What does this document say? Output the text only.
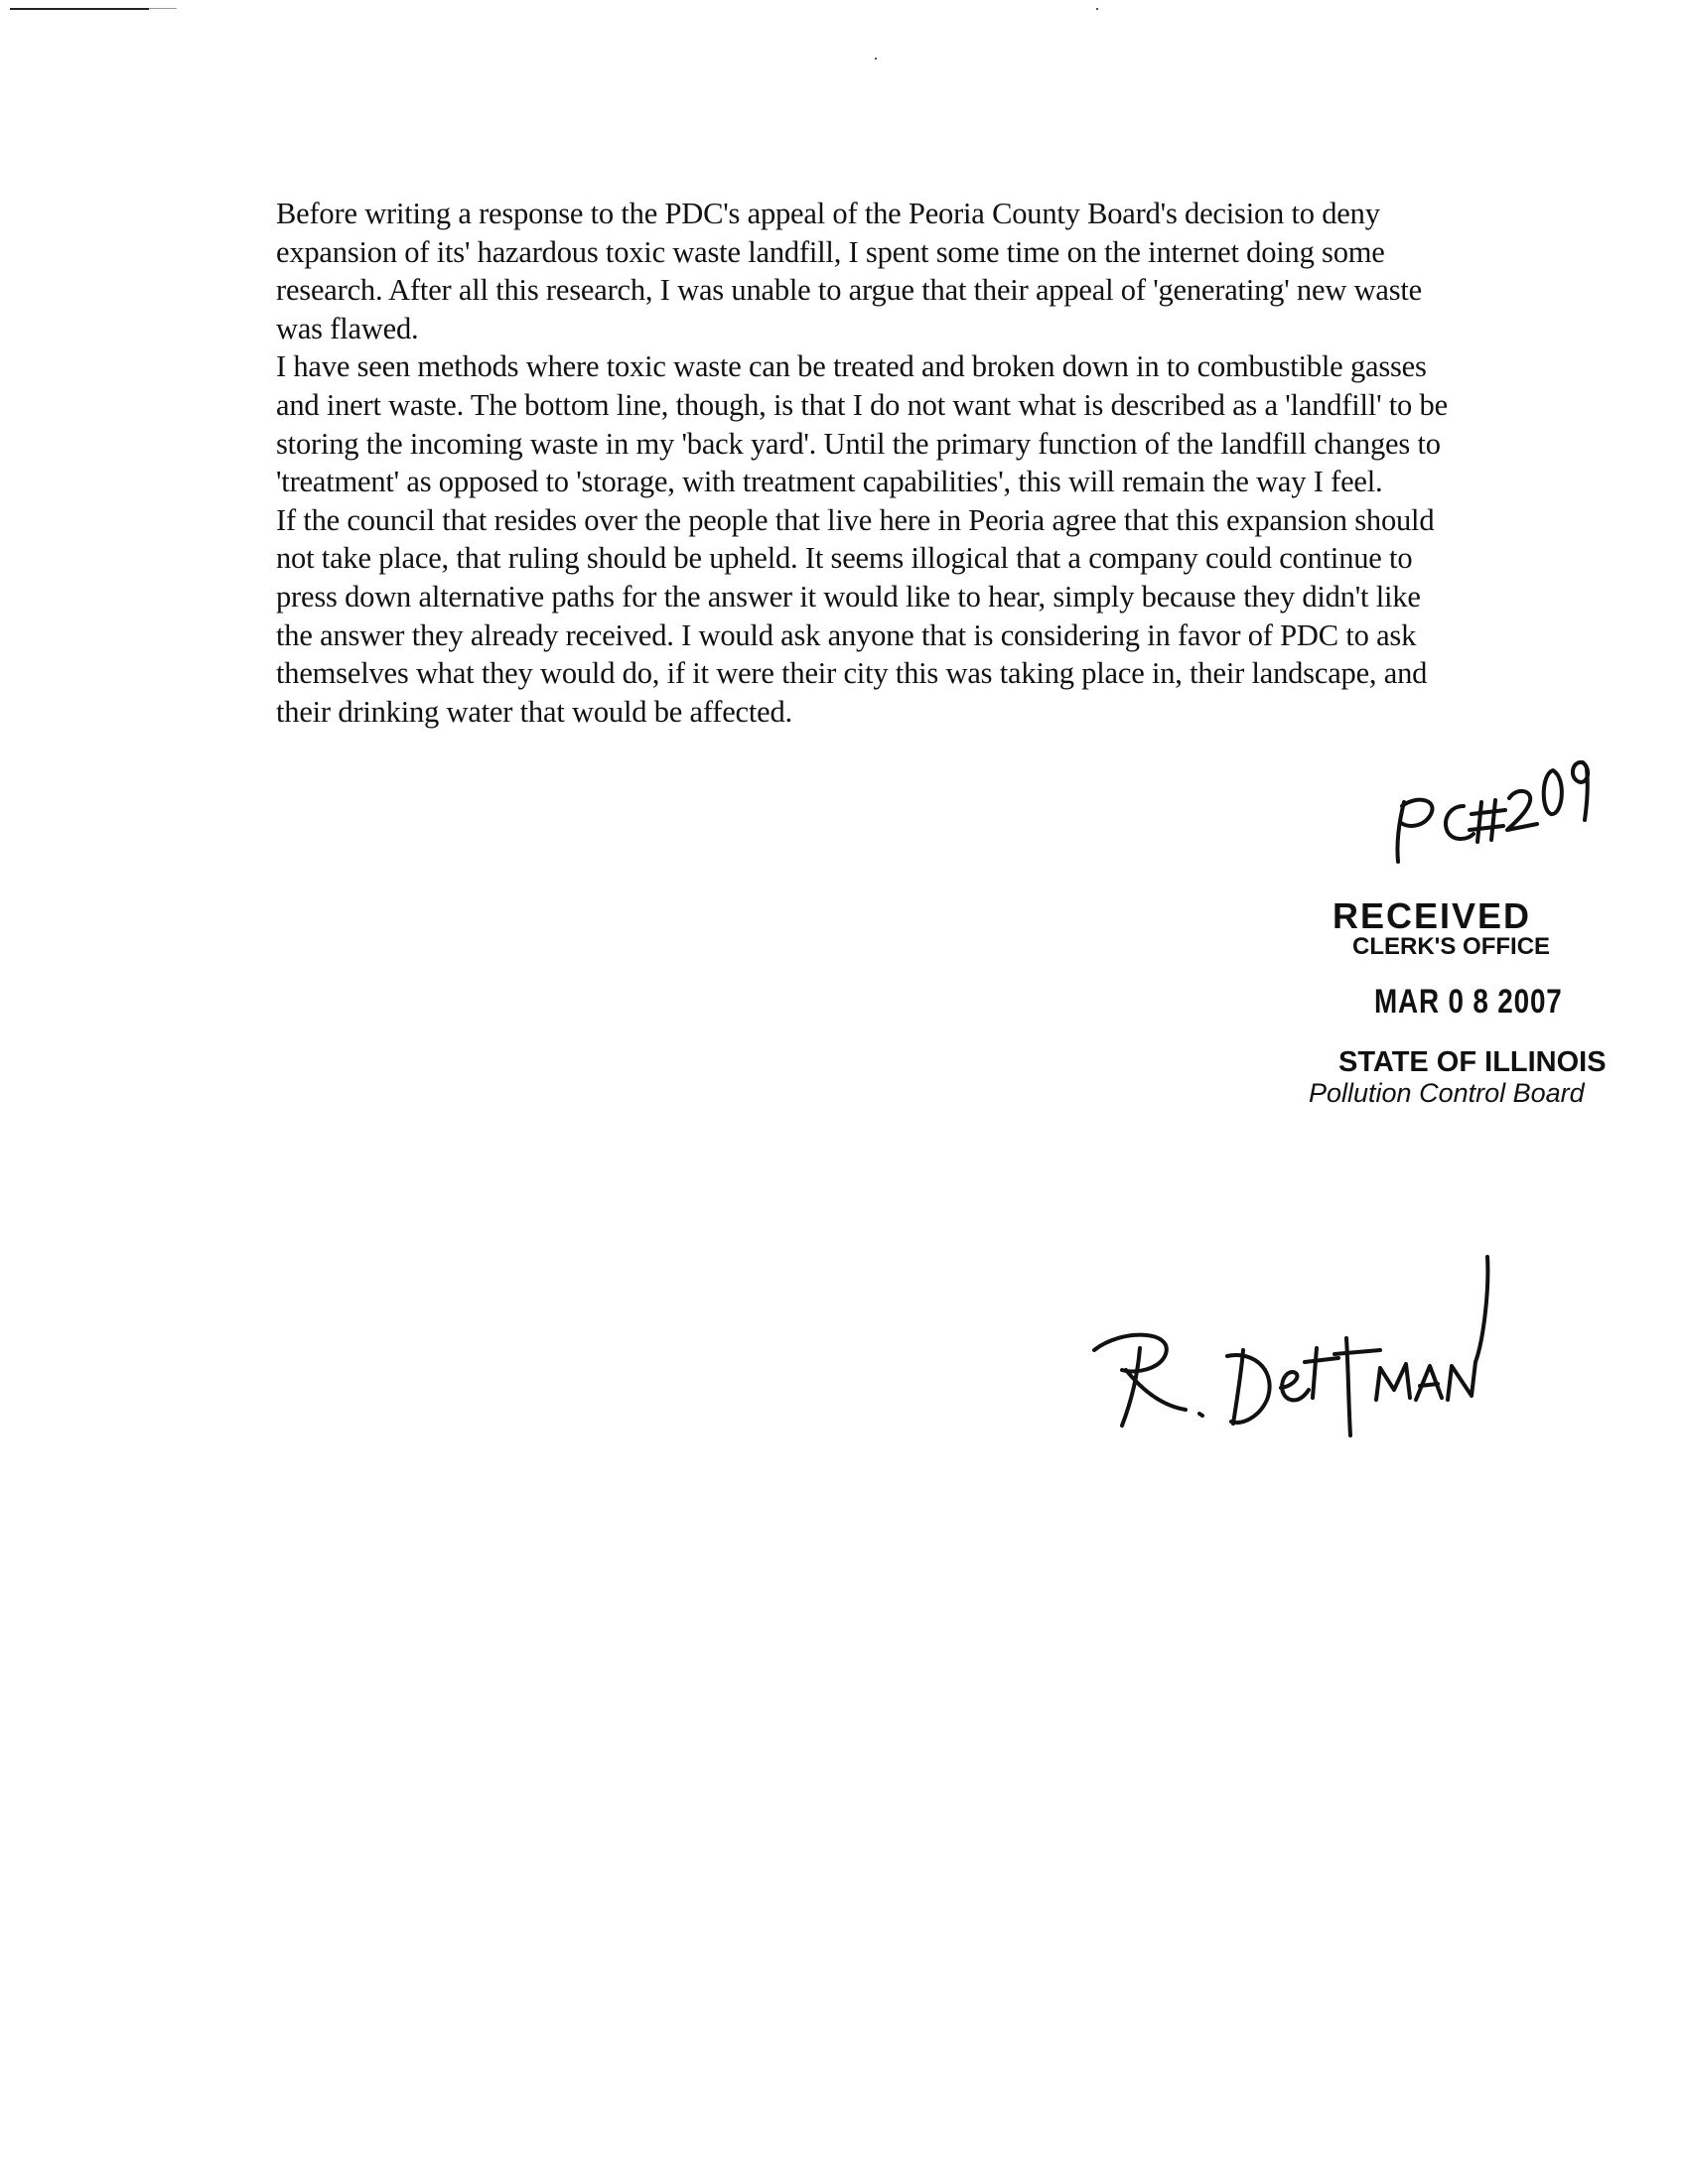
Before writing a response to the PDC's appeal of the Peoria County Board's decision to deny expansion of its' hazardous toxic waste landfill, I spent some time on the internet doing some research. After all this research, I was unable to argue that their appeal of 'generating' new waste was flawed.

I have seen methods where toxic waste can be treated and broken down in to combustible gasses and inert waste. The bottom line, though, is that I do not want what is described as a 'landfill' to be storing the incoming waste in my 'back yard'. Until the primary function of the landfill changes to 'treatment' as opposed to 'storage, with treatment capabilities', this will remain the way I feel.

If the council that resides over the people that live here in Peoria agree that this expansion should not take place, that ruling should be upheld. It seems illogical that a company could continue to press down alternative paths for the answer it would like to hear, simply because they didn't like the answer they already received. I would ask anyone that is considering in favor of PDC to ask themselves what they would do, if it were their city this was taking place in, their landscape, and their drinking water that would be affected.

RECEIVED
CLERK'S OFFICE
MAR 0 8 2007
STATE OF ILLINOIS
Pollution Control Board
